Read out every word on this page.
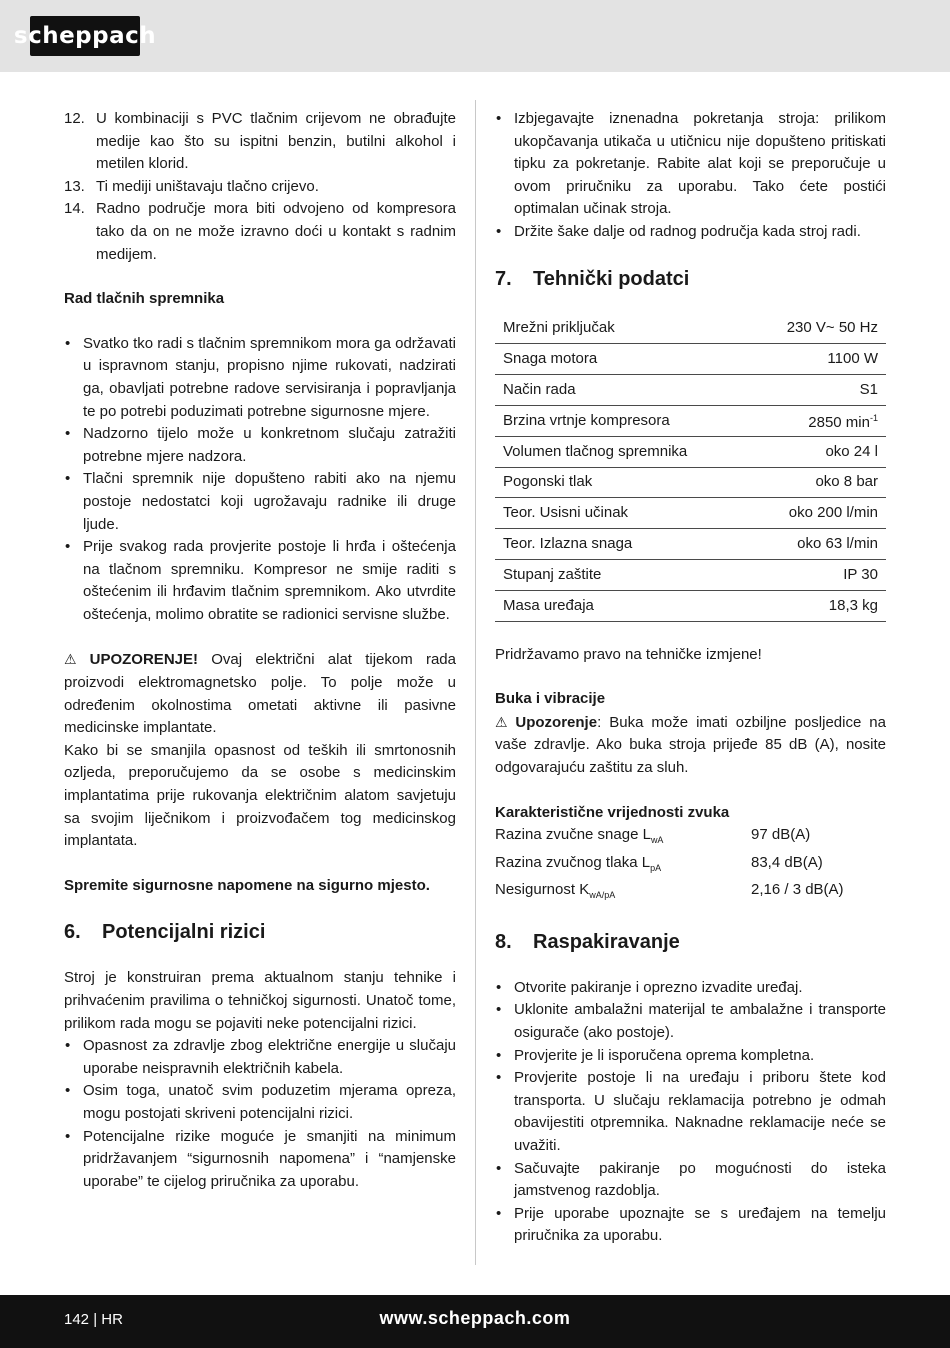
scheppach
12. U kombinaciji s PVC tlačnim crijevom ne obrađujte medije kao što su ispitni benzin, butilni alkohol i metilen klorid.
13. Ti mediji uništavaju tlačno crijevo.
14. Radno područje mora biti odvojeno od kompresora tako da on ne može izravno doći u kontakt s radnim medijem.

Rad tlačnih spremnika

• Svatko tko radi s tlačnim spremnikom mora ga održavati u ispravnom stanju, propisno njime rukovati, nadzirati ga, obavljati potrebne radove servisiranja i popravljanja te po potrebi poduzimati potrebne sigurnosne mjere.
• Nadzorno tijelo može u konkretnom slučaju zatražiti potrebne mjere nadzora.
• Tlačni spremnik nije dopušteno rabiti ako na njemu postoje nedostatci koji ugrožavaju radnike ili druge ljude.
• Prije svakog rada provjerite postoje li hrđa i oštećenja na tlačnom spremniku. Kompresor ne smije raditi s oštećenim ili hrđavim tlačnim spremnikom. Ako utvrdite oštećenja, molimo obratite se radionici servisne službe.

⚠ UPOZORENJE! Ovaj električni alat tijekom rada proizvodi elektromagnetsko polje. To polje može u određenim okolnostima ometati aktivne ili pasivne medicinske implantate.

Kako bi se smanjila opasnost od teških ili smrtonosnih ozljeda, preporučujemo da se osobe s medicinskim implantatima prije rukovanja električnim alatom savjetuju sa svojim liječnikom i proizvođačem tog medicinskog implantata.

Spremite sigurnosne napomene na sigurno mjesto.

6.	Potencijalni rizici

Stroj je konstruiran prema aktualnom stanju tehnike i prihvaćenim pravilima o tehničkoj sigurnosti. Unatoč tome, prilikom rada mogu se pojaviti neke potencijalni rizici.

• Opasnost za zdravlje zbog električne energije u slučaju uporabe neispravnih električnih kabela.
• Osim toga, unatoč svim poduzetim mjerama opreza, mogu postojati skriveni potencijalni rizici.
• Potencijalne rizike moguće je smanjiti na minimum pridržavanjem “sigurnosnih napomena” i “namjenske uporabe” te cijelog priručnika za uporabu.
• Izbjegavajte iznenadna pokretanja stroja: prilikom ukopčavanja utikača u utičnicu nije dopušteno pritiskati tipku za pokretanje. Rabite alat koji se preporučuje u ovom priručniku za uporabu. Tako ćete postići optimalan učinak stroja.
• Držite šake dalje od radnog područja kada stroj radi.
7.	Tehnički podatci
Mrežni priključak	230 V~ 50 Hz
Snaga motora	1100 W
Način rada	S1
Brzina vrtnje kompresora	2850 $\min^{-1}$
Volumen tlačnog spremnika	oko 24 l
Pogonski tlak	oko 8 bar
Teor. Usisni učinak	oko 200 l/min
Teor. Izlazna snaga	oko 63 l/min
Stupanj zaštite	IP 30
Masa uređaja	18,3 kg

Pridržavamo pravo na tehničke izmjene!

Buka i vibracije

⚠ Upozorenje: Buka može imati ozbiljne posljedice na vaše zdravlje. Ako buka stroja prijeđe 85 dB (A), nosite odgovarajuću zaštitu za sluh.

Karakteristične vrijednosti zvuka

Razina zvučne snage $L_{wA}$	97 dB(A)
Razina zvučnog tlaka $L_{pA}$	83,4 dB(A)
Nesigurnost $K_{wA/pA}$	2,16 / 3 dB(A)
8.	Raspakiravanje
• Otvorite pakiranje i oprezno izvadite uređaj.
• Uklonite ambalažni materijal te ambalažne i transporte osigurače (ako postoje).
• Provjerite je li isporučena oprema kompletna.
• Provjerite postoje li na uređaju i priboru štete kod transporta. U slučaju reklamacija potrebno je odmah obavijestiti otpremnika. Naknadne reklamacije neće se uvažiti.
• Sačuvajte pakiranje po mogućnosti do isteka jamstvenog razdoblja.
• Prije uporabe upoznajte se s uređajem na temelju priručnika za uporabu.
142 | HR	www.scheppach.com
